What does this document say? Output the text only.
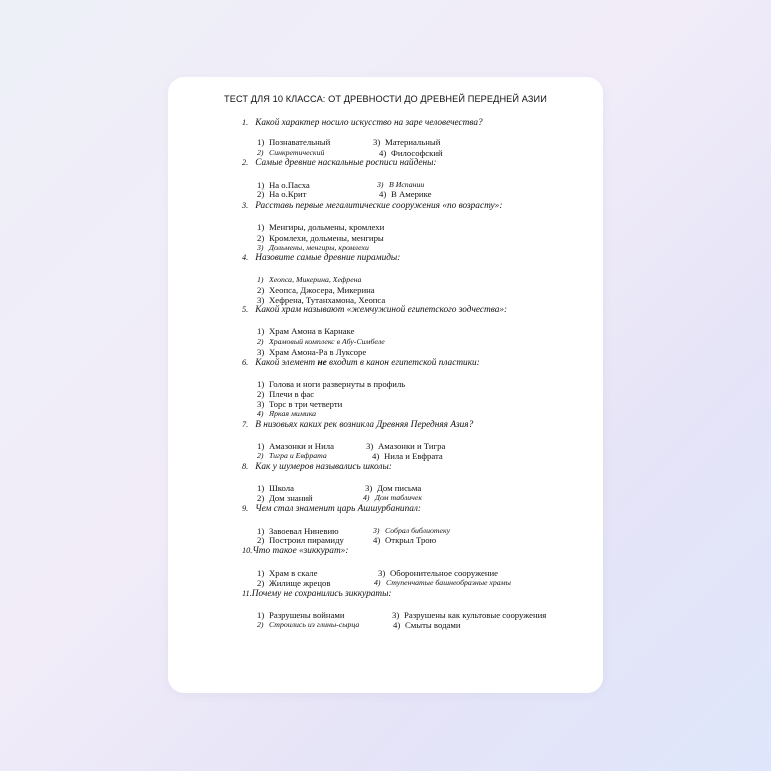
ТЕСТ ДЛЯ 10 КЛАССА: ОТ ДРЕВНОСТИ ДО ДРЕВНЕЙ ПЕРЕДНЕЙ АЗИИ
1. Какой характер носило искусство на заре человечества?
1) Познавательный
2) Синкретический
3) Материальный
4) Философский
2. Самые древние наскальные росписи найдены:
1) На о.Пасха
2) На о.Крит
3) В Испании
4) В Америке
3. Расставь первые мегалитические сооружения «по возрасту»:
1) Менгиры, дольмены, кромлехи
2) Кромлехи, дольмены, менгиры
3) Дольмены, менгиры, кромлехи
4. Назовите самые древние пирамиды:
1) Хеопса, Микерина, Хефрена
2) Хеопса, Джосера, Микерина
3) Хефрена, Тутанхамона, Хеопса
5. Какой храм называют «жемчужиной египетского зодчества»:
1) Храм Амона в Карнаке
2) Храмовый комплекс в Абу-Симбеле
3) Храм Амона-Ра в Луксоре
6. Какой элемент не входит в канон египетской пластики:
1) Голова и ноги развернуты в профиль
2) Плечи в фас
3) Торс в три четверти
4) Яркая мимика
7. В низовьях каких рек возникла Древняя Передняя Азия?
1) Амазонки и Нила
2) Тигра и Евфрата
3) Амазонки и Тигра
4) Нила и Евфрата
8. Как у шумеров назывались школы:
1) Школа
2) Дом знаний
3) Дом письма
4) Дом табличек
9. Чем стал знаменит царь Ашшурбанипал:
1) Завоевал Ниневию
2) Построил пирамиду
3) Собрал библиотеку
4) Открыл Трою
10.Что такое «зиккурат»:
1) Храм в скале
2) Жилище жрецов
3) Оборонительное сооружение
4) Ступенчатые башнеобразные храмы
11.Почему не сохранились зиккураты:
1) Разрушены войнами
2) Строились из глины-сырца
3) Разрушены как культовые сооружения
4) Смыты водами
